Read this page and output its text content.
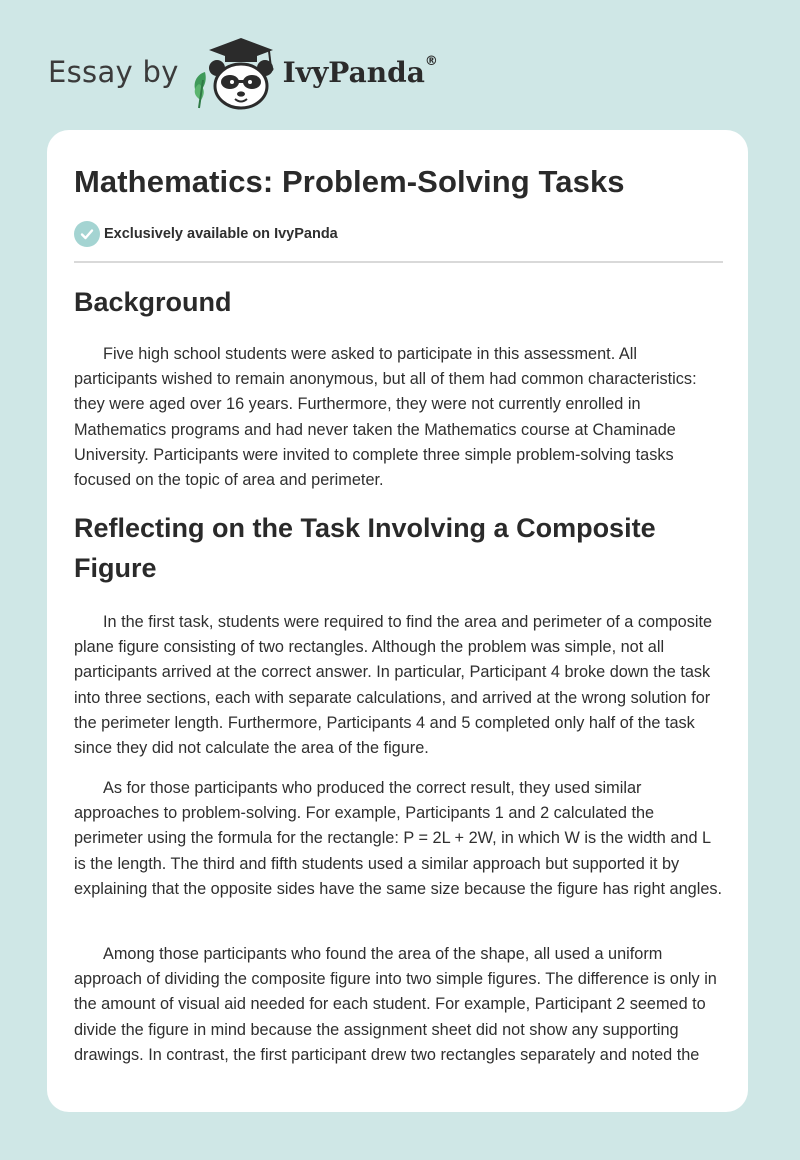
Essay by	IvyPanda®
Mathematics: Problem-Solving Tasks
Exclusively available on IvyPanda
Background

Five high school students were asked to participate in this assessment. All participants wished to remain anonymous, but all of them had common characteristics: they were aged over 16 years. Furthermore, they were not currently enrolled in Mathematics programs and had never taken the Mathematics course at Chaminade University. Participants were invited to complete three simple problem-solving tasks focused on the topic of area and perimeter.

Reflecting on the Task Involving a Composite Figure

In the first task, students were required to find the area and perimeter of a composite plane figure consisting of two rectangles. Although the problem was simple, not all participants arrived at the correct answer. In particular, Participant 4 broke down the task into three sections, each with separate calculations, and arrived at the wrong solution for the perimeter length. Furthermore, Participants 4 and 5 completed only half of the task since they did not calculate the area of the figure.

As for those participants who produced the correct result, they used similar approaches to problem-solving. For example, Participants 1 and 2 calculated the perimeter using the formula for the rectangle: P = 2L + 2W, in which W is the width and L is the length. The third and fifth students used a similar approach but supported it by explaining that the opposite sides have the same size because the figure has right angles.

Among those participants who found the area of the shape, all used a uniform approach of dividing the composite figure into two simple figures. The difference is only in the amount of visual aid needed for each student. For example, Participant 2 seemed to divide the figure in mind because the assignment sheet did not show any supporting drawings. In contrast, the first participant drew two rectangles separately and noted the
